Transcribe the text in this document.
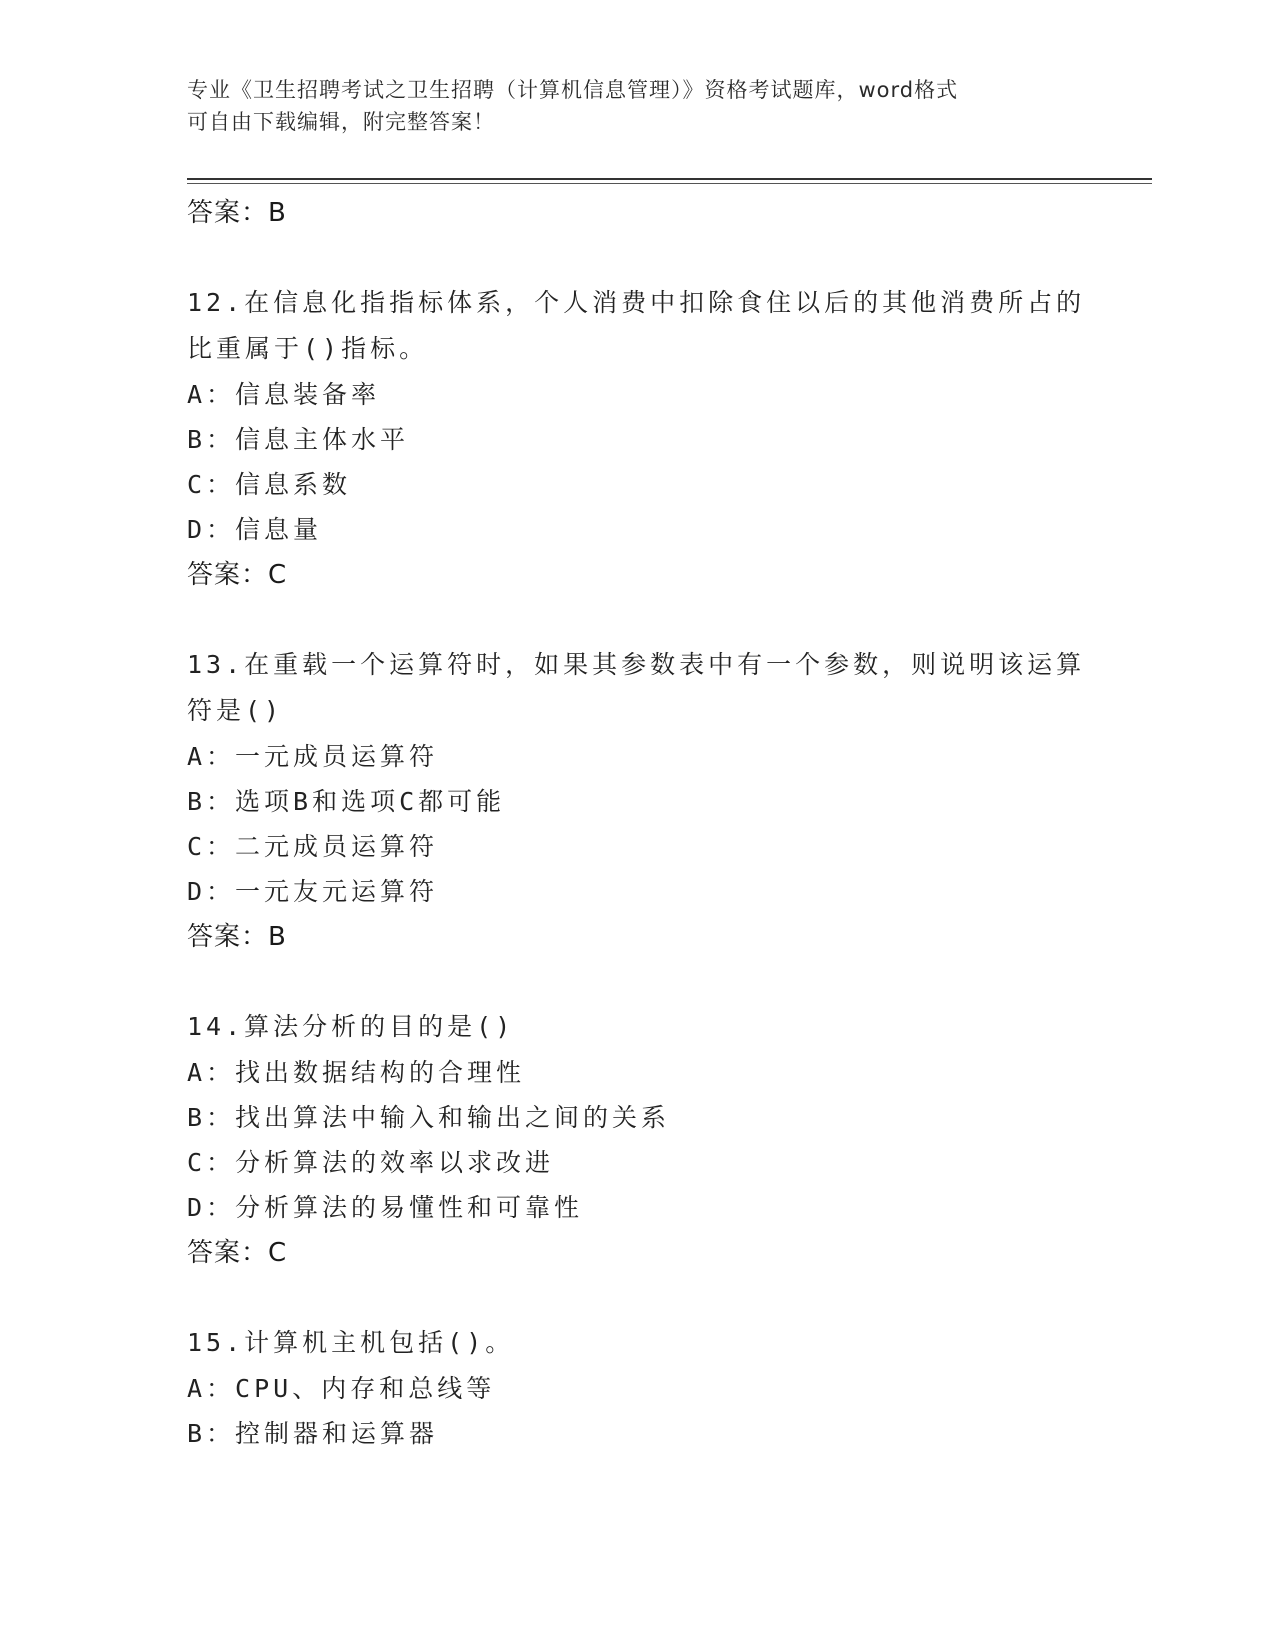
专业《卫生招聘考试之卫生招聘（计算机信息管理）》资格考试题库，word格式
可自由下载编辑，附完整答案！
答案：B
12.在信息化指指标体系，个人消费中扣除食住以后的其他消费所占的
比重属于()指标。
A：信息装备率
B：信息主体水平
C：信息系数
D：信息量
答案：C
13.在重载一个运算符时，如果其参数表中有一个参数，则说明该运算
符是()
A：一元成员运算符
B：选项B和选项C都可能
C：二元成员运算符
D：一元友元运算符
答案：B
14.算法分析的目的是()
A：找出数据结构的合理性
B：找出算法中输入和输出之间的关系
C：分析算法的效率以求改进
D：分析算法的易懂性和可靠性
答案：C
15.计算机主机包括()。
A：CPU、内存和总线等
B：控制器和运算器
